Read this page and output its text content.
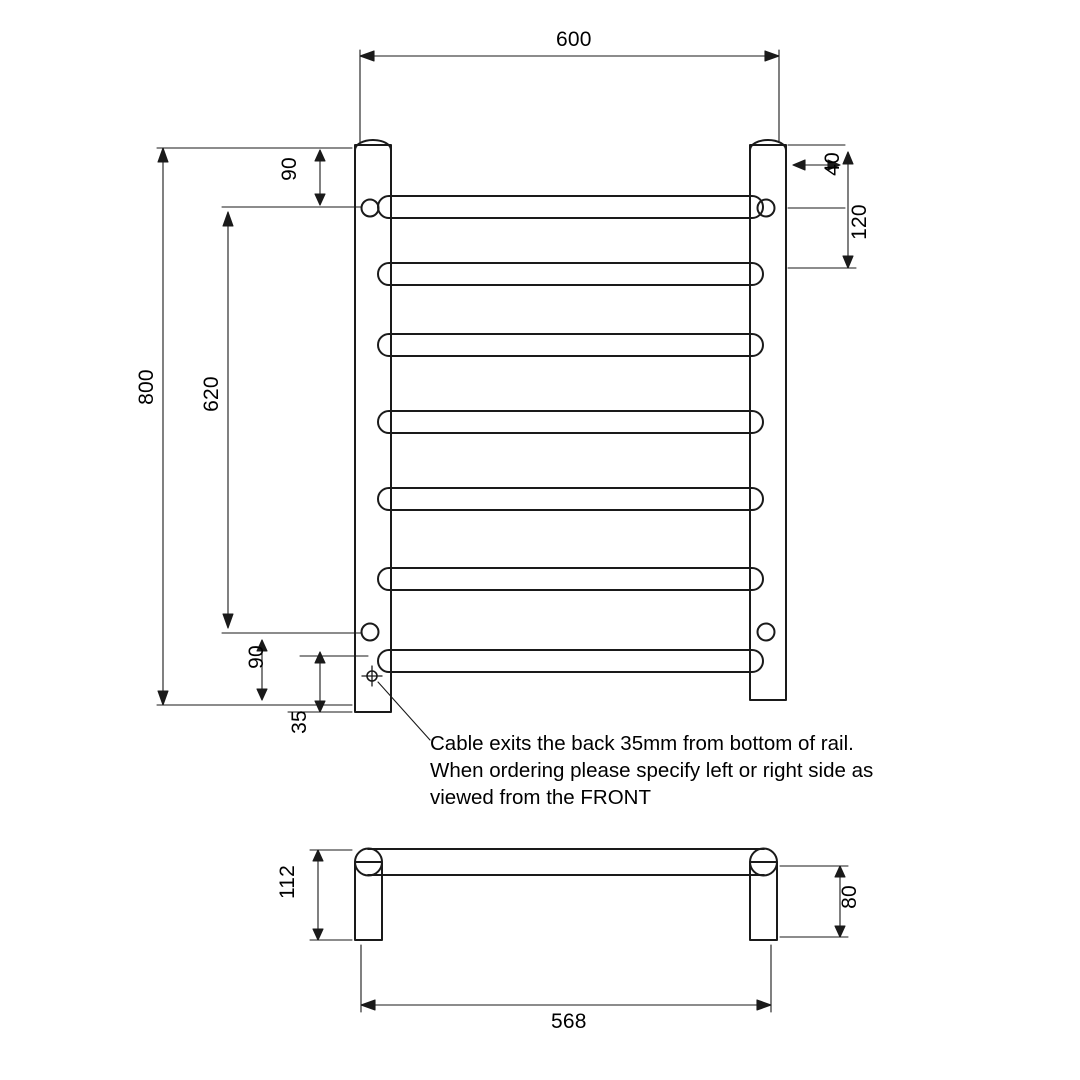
600
800 620
90
90
35
40
120
112	80
568
Cable exits the back 35mm from bottom of rail. When ordering please specify left or right side as viewed from the FRONT
